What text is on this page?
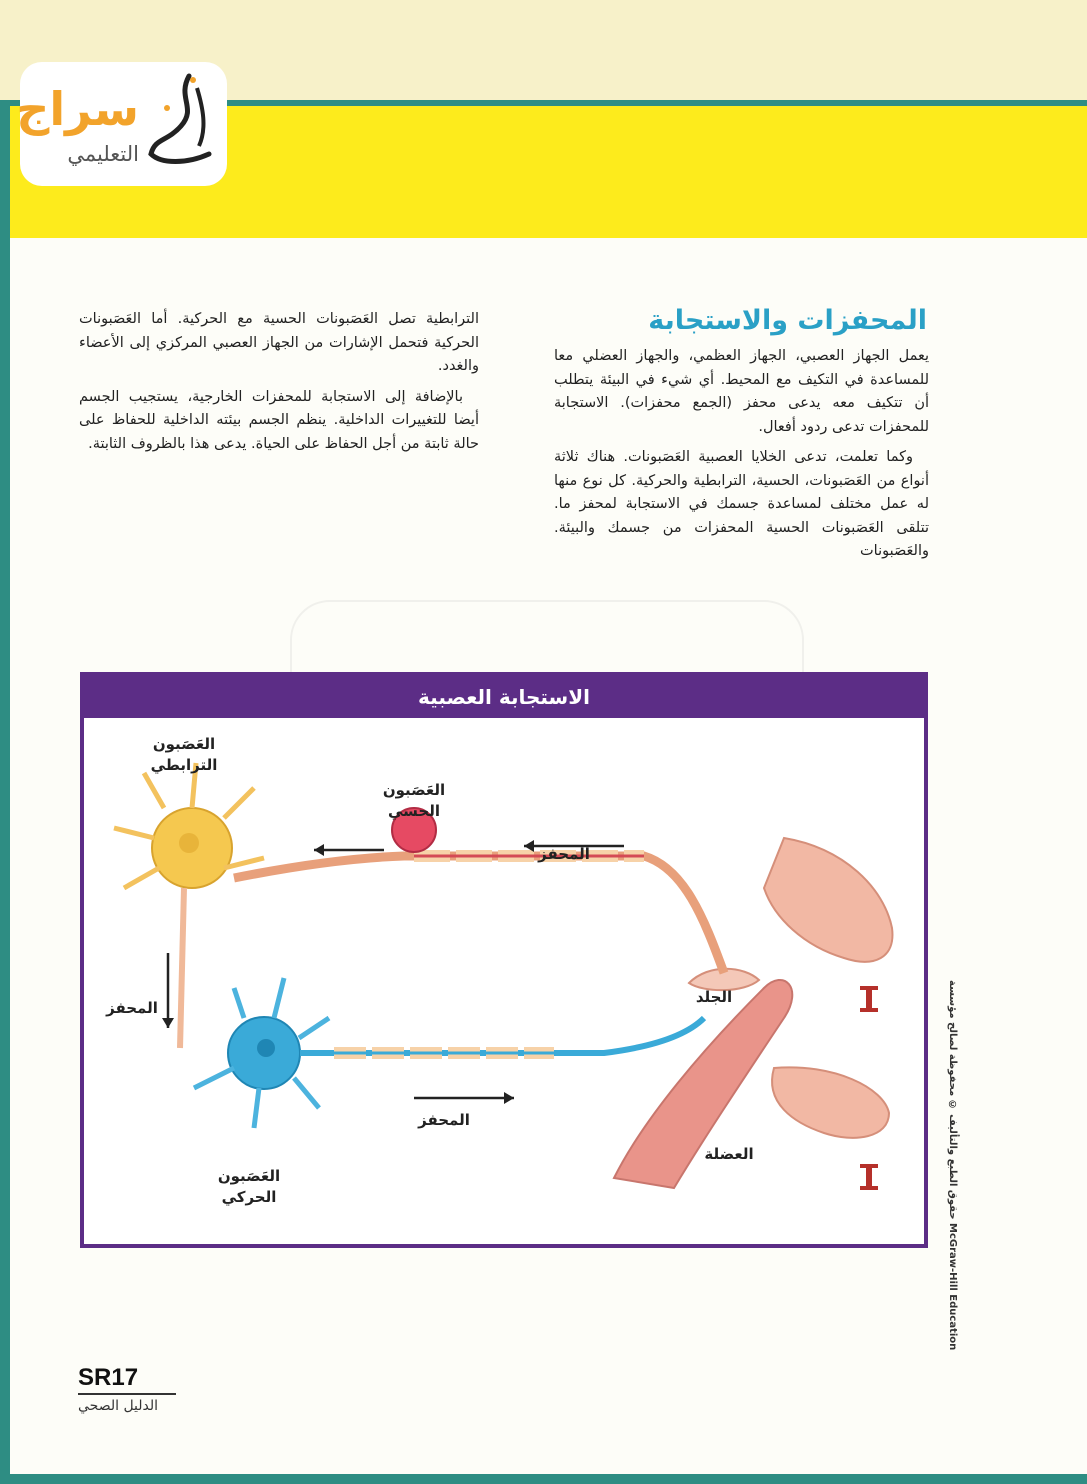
سراج
التعليمي
المحفزات والاستجابة

يعمل الجهاز العصبي، الجهاز العظمي، والجهاز العضلي معا للمساعدة في التكيف مع المحيط. أي شيء في البيئة يتطلب أن تتكيف معه يدعى محفز (الجمع محفزات). الاستجابة للمحفزات تدعى ردود أفعال.

وكما تعلمت، تدعى الخلايا العصبية العَصَبونات. هناك ثلاثة أنواع من العَصَبونات، الحسية، الترابطية والحركية. كل نوع منها له عمل مختلف لمساعدة جسمك في الاستجابة لمحفز ما. تتلقى العَصَبونات الحسية المحفزات من جسمك والبيئة. والعَصَبونات

الترابطية تصل العَصَبونات الحسية مع الحركية. أما العَصَبونات الحركية فتحمل الإشارات من الجهاز العصبي المركزي إلى الأعضاء والغدد.

بالإضافة إلى الاستجابة للمحفزات الخارجية، يستجيب الجسم أيضا للتغييرات الداخلية. ينظم الجسم بيئته الداخلية للحفاظ على حالة ثابتة من أجل الحفاظ على الحياة. يدعى هذا بالظروف الثابتة.

الاستجابة العصبية
العَصَبون
الترابطي
العَصَبون
الحسي
المحفز
المحفز
المحفز
الجلد
العضلة
العَصَبون
الحركي	حقوق الطبع والتأليف © محفوظة لصالح مؤسسة McGraw-Hill Education
SR17
الدليل الصحي
